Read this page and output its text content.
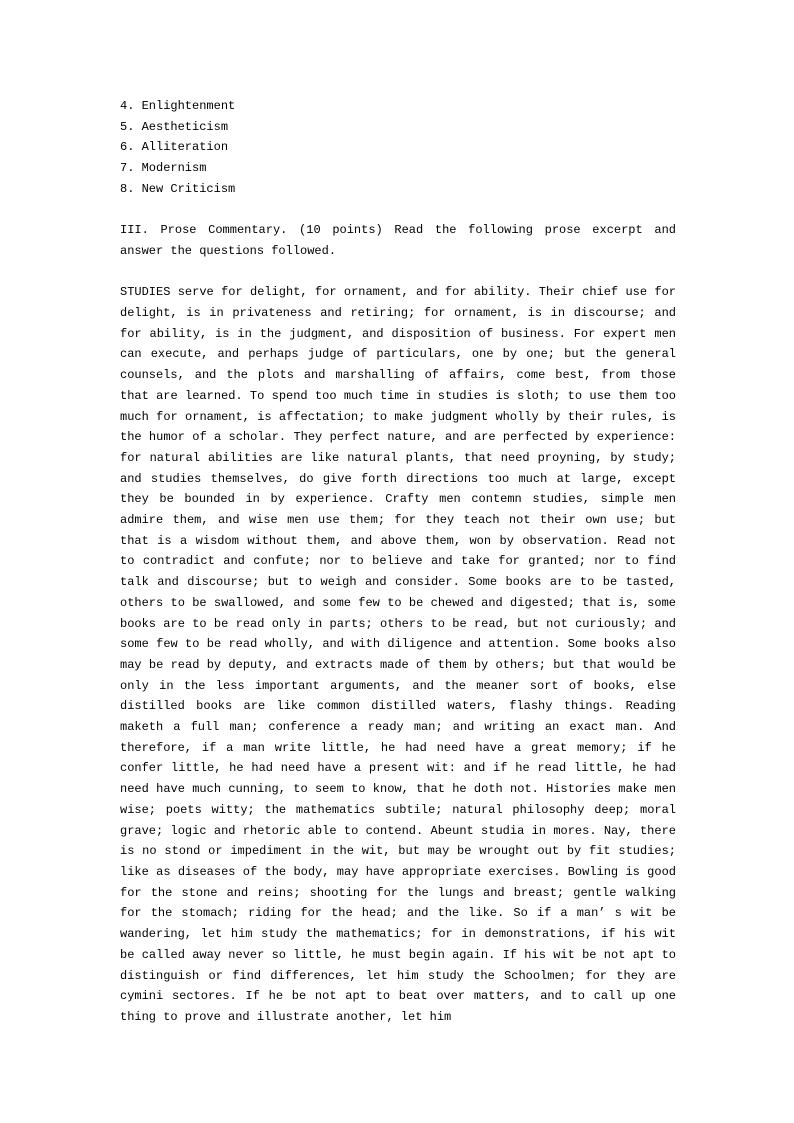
4. Enlightenment
5. Aestheticism
6. Alliteration
7. Modernism
8. New Criticism

III. Prose Commentary. (10 points) Read the following prose excerpt and answer the questions followed.

STUDIES serve for delight, for ornament, and for ability. Their chief use for delight, is in privateness and retiring; for ornament, is in discourse; and for ability, is in the judgment, and disposition of business. For expert men can execute, and perhaps judge of particulars, one by one; but the general counsels, and the plots and marshalling of affairs, come best, from those that are learned. To spend too much time in studies is sloth; to use them too much for ornament, is affectation; to make judgment wholly by their rules, is the humor of a scholar. They perfect nature, and are perfected by experience: for natural abilities are like natural plants, that need proyning, by study; and studies themselves, do give forth directions too much at large, except they be bounded in by experience. Crafty men contemn studies, simple men admire them, and wise men use them; for they teach not their own use; but that is a wisdom without them, and above them, won by observation. Read not to contradict and confute; nor to believe and take for granted; nor to find talk and discourse; but to weigh and consider. Some books are to be tasted, others to be swallowed, and some few to be chewed and digested; that is, some books are to be read only in parts; others to be read, but not curiously; and some few to be read wholly, and with diligence and attention. Some books also may be read by deputy, and extracts made of them by others; but that would be only in the less important arguments, and the meaner sort of books, else distilled books are like common distilled waters, flashy things. Reading maketh a full man; conference a ready man; and writing an exact man. And therefore, if a man write little, he had need have a great memory; if he confer little, he had need have a present wit: and if he read little, he had need have much cunning, to seem to know, that he doth not. Histories make men wise; poets witty; the mathematics subtile; natural philosophy deep; moral grave; logic and rhetoric able to contend. Abeunt studia in mores. Nay, there is no stond or impediment in the wit, but may be wrought out by fit studies; like as diseases of the body, may have appropriate exercises. Bowling is good for the stone and reins; shooting for the lungs and breast; gentle walking for the stomach; riding for the head; and the like. So if a man’ s wit be wandering, let him study the mathematics; for in demonstrations, if his wit be called away never so little, he must begin again. If his wit be not apt to distinguish or find differences, let him study the Schoolmen; for they are cymini sectores. If he be not apt to beat over matters, and to call up one thing to prove and illustrate another, let him
